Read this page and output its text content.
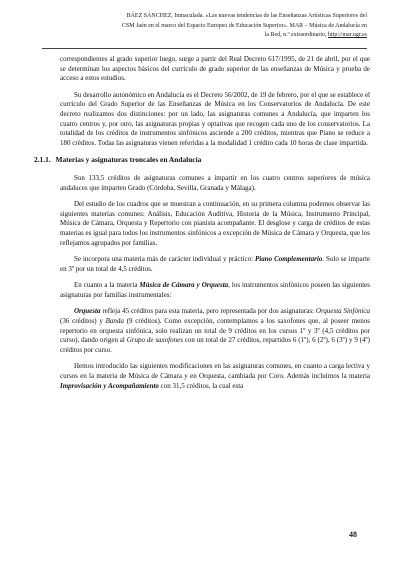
BÁEZ SÁNCHEZ, Inmaculada. «Las nuevas tendencias de las Enseñanzas Artísticas Superiores del
CSM Jaén en el marco del Espacio Europeo de Educación Superior». MAR – Música de Andalucía en
la Red, n.º extraordinario, http://mar.ugr.es

correspondientes al grado superior luego, surge a partir del Real Decreto 617/1995, de 21 de abril, por el que se determinan los aspectos básicos del currículo de grado superior de las enseñanzas de Música y prueba de acceso a estos estudios.

Su desarrollo autonómico en Andalucía es el Decreto 56/2002, de 19 de febrero, por el que se establece el currículo del Grado Superior de las Enseñanzas de Música en los Conservatorios de Andalucía. De este decreto realizamos dos distinciones: por un lado, las asignaturas comunes a Andalucía, que imparten los cuatro centros y, por otro, las asignaturas propias y optativas que recogen cada uno de los conservatorios. La totalidad de los créditos de instrumentos sinfónicos asciende a 200 créditos, mientras que Piano se reduce a 180 créditos. Todas las asignaturas vienen referidas a la modalidad 1 crédito cada 10 horas de clase impartida.

2.1.1. Materias y asignaturas troncales en Andalucía

Son 133,5 créditos de asignaturas comunes a impartir en los cuatro centros superiores de música andaluces que imparten Grado (Córdoba, Sevilla, Granada y Málaga).

Del estudio de los cuadros que se muestran a continuación, en su primera columna podemos observar las siguientes materias comunes: Análisis, Educación Auditiva, Historia de la Música, Instrumento Principal, Música de Cámara, Orquesta y Repertorio con pianista acompañante. El desglose y carga de créditos de estas materias es igual para todos los instrumentos sinfónicos a excepción de Música de Cámara y Orquesta, que los reflejamos agrupados por familias.

Se incorpora una materia más de carácter individual y práctico: Piano Complementario. Solo se imparte en 3º por un total de 4,5 créditos.

En cuanto a la materia Música de Cámara y Orquesta, los instrumentos sinfónicos poseen las siguientes asignaturas por familias instrumentales:

Orquesta refleja 45 créditos para esta materia, pero representada por dos asignaturas: Orquesta Sinfónica (36 créditos) y Banda (9 créditos). Como excepción, contemplamos a los saxofones que, al poseer menos repertorio en orquesta sinfónica, solo realizan un total de 9 créditos en los cursos 1º y 3º (4,5 créditos por curso), dando origen al Grupo de saxofones con un total de 27 créditos, repartidos 6 (1º), 6 (2º), 6 (3º) y 9 (4º) créditos por curso.

Hemos introducido las siguientes modificaciones en las asignaturas comunes, en cuanto a carga lectiva y cursos en la materia de Música de Cámara y en Orquesta, cambiada por Coro. Además incluimos la materia Improvisación y Acompañamiento con 31,5 créditos, la cual esta

48
